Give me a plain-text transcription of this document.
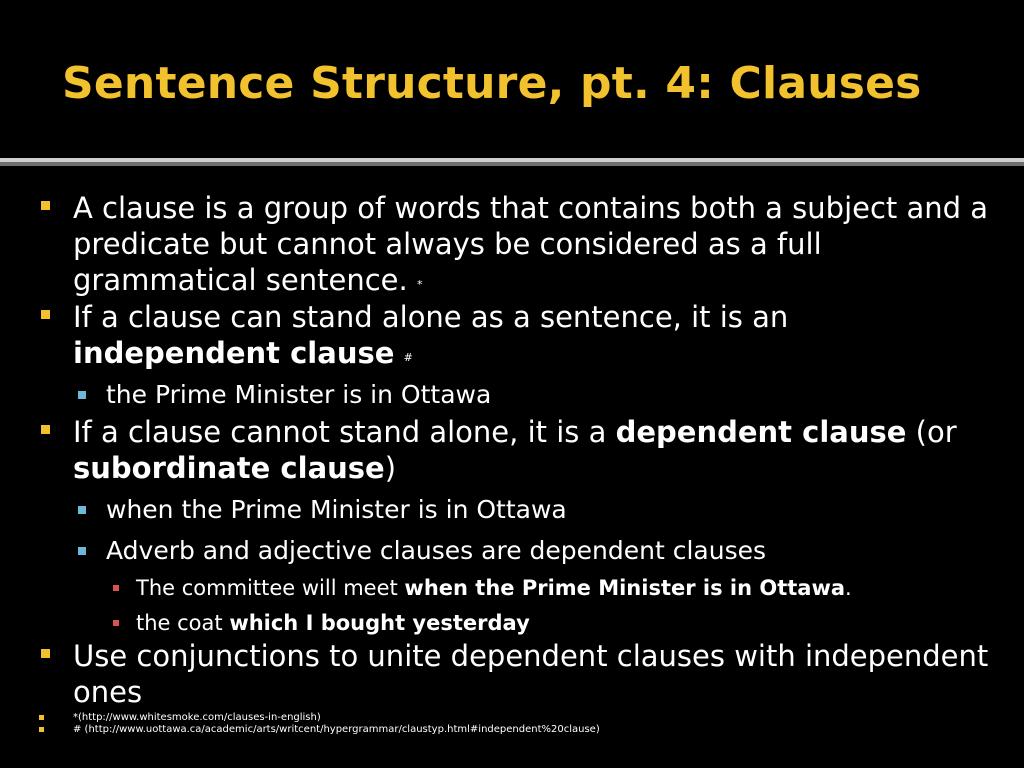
Sentence Structure, pt. 4: Clauses
A clause is a group of words that contains both a subject and a predicate but cannot always be considered as a full grammatical sentence. *
If a clause can stand alone as a sentence, it is an independent clause #
the Prime Minister is in Ottawa
If a clause cannot stand alone, it is a dependent clause (or subordinate clause)
when the Prime Minister is in Ottawa
Adverb and adjective clauses are dependent clauses
The committee will meet when the Prime Minister is in Ottawa.
the coat which I bought yesterday
Use conjunctions to unite dependent clauses with independent ones
*(http://www.whitesmoke.com/clauses-in-english)
# (http://www.uottawa.ca/academic/arts/writcent/hypergrammar/claustyp.html#independent%20clause)
